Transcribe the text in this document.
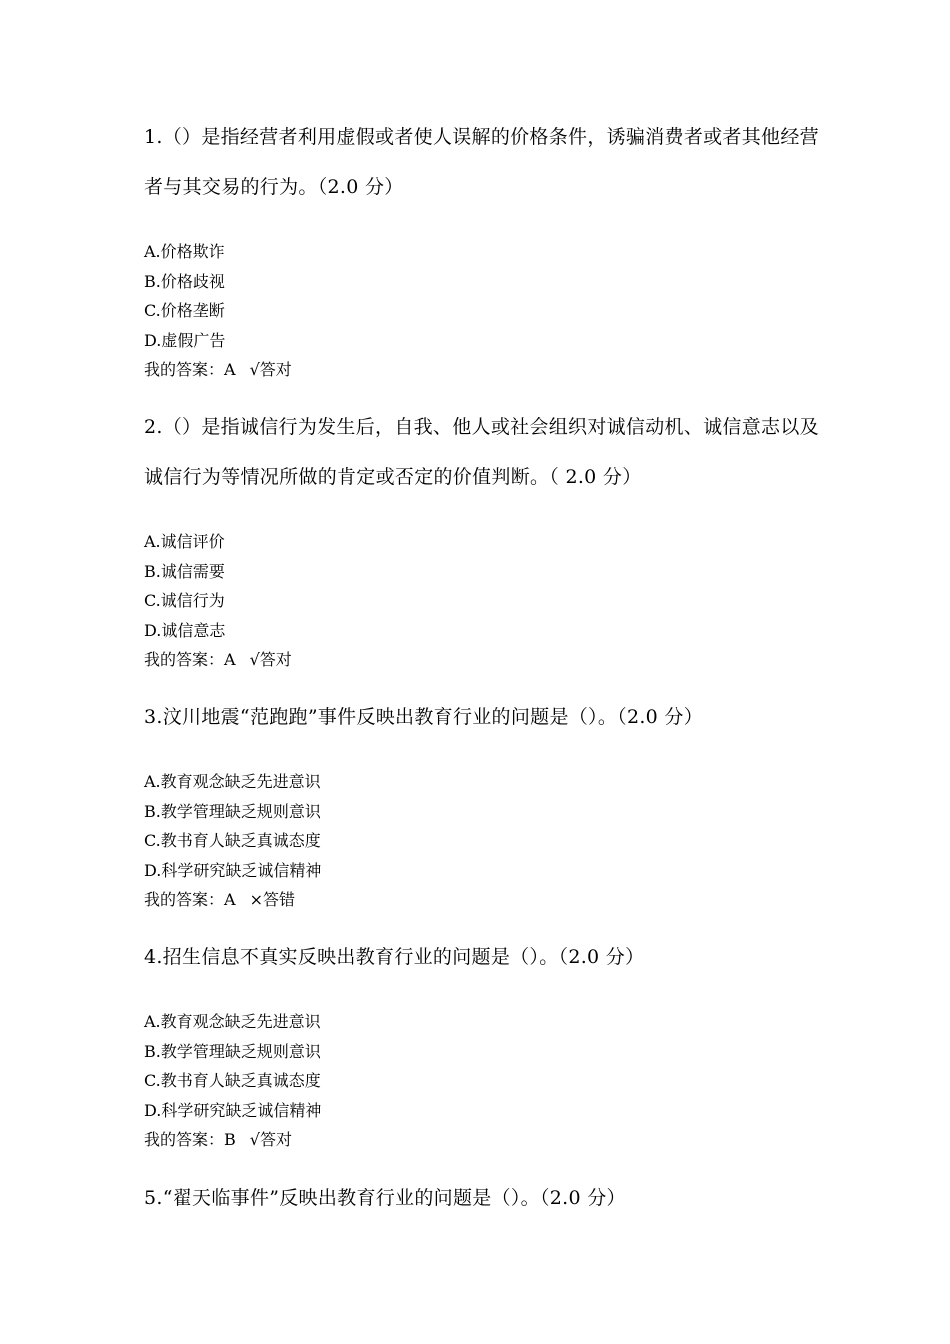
1.（）是指经营者利用虚假或者使人误解的价格条件，诱骗消费者或者其他经营者与其交易的行为。（2.0 分）

A.价格欺诈

B.价格歧视

C.价格垄断

D.虚假广告

我的答案：A √答对

2.（）是指诚信行为发生后，自我、他人或社会组织对诚信动机、诚信意志以及诚信行为等情况所做的肯定或否定的价值判断。（ 2.0 分）

A.诚信评价

B.诚信需要

C.诚信行为

D.诚信意志

我的答案：A √答对

3.汶川地震“范跑跑”事件反映出教育行业的问题是（）。（2.0 分）

A.教育观念缺乏先进意识

B.教学管理缺乏规则意识

C.教书育人缺乏真诚态度

D.科学研究缺乏诚信精神

我的答案：A ×答错

4.招生信息不真实反映出教育行业的问题是（）。（2.0 分）

A.教育观念缺乏先进意识

B.教学管理缺乏规则意识

C.教书育人缺乏真诚态度

D.科学研究缺乏诚信精神

我的答案：B √答对

5.“翟天临事件”反映出教育行业的问题是（）。（2.0 分）
